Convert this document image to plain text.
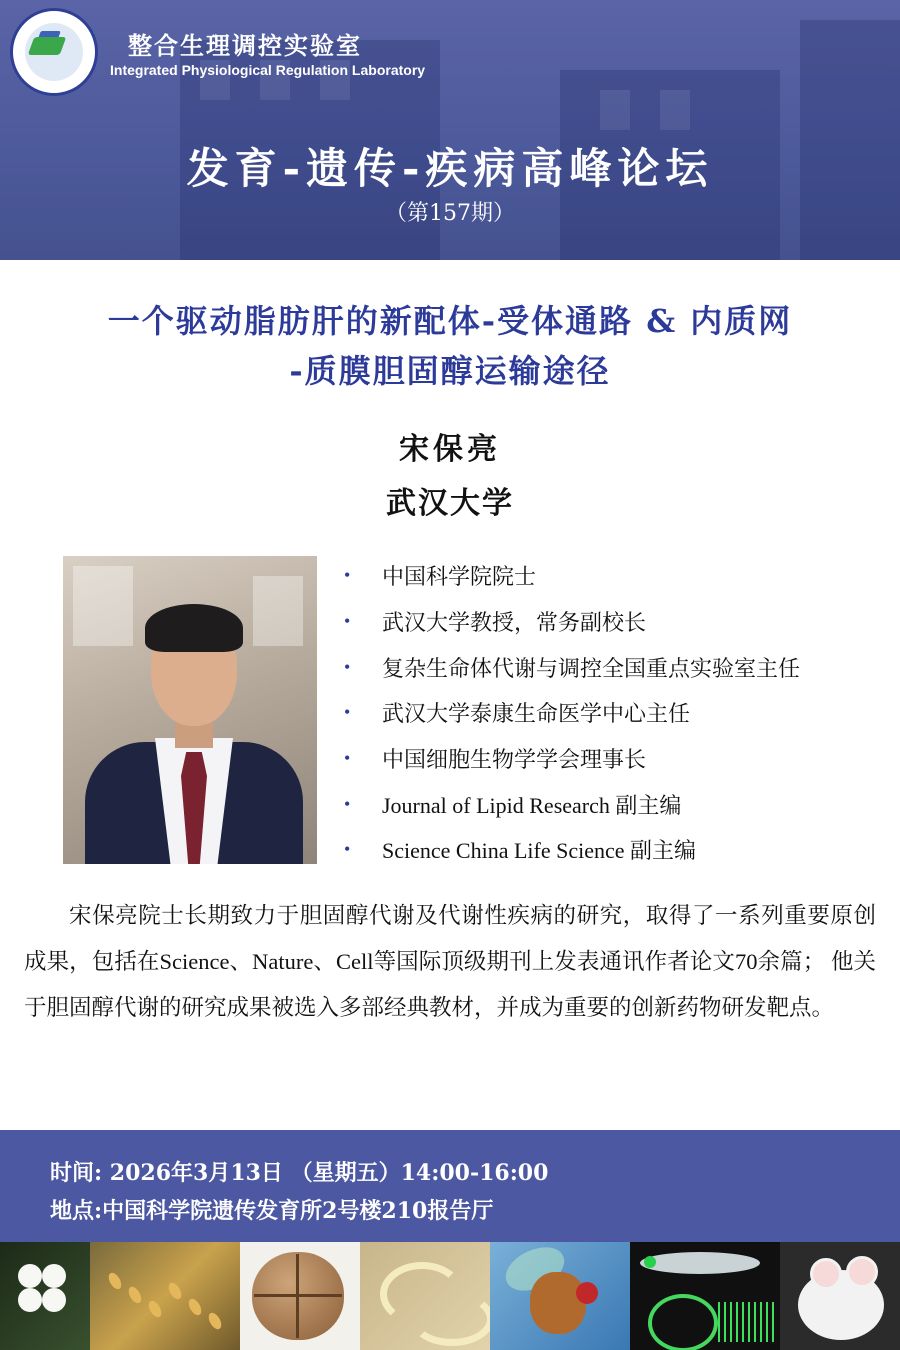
整合生理调控实验室
Integrated Physiological Regulation Laboratory
发育-遗传-疾病高峰论坛
（第157期）
一个驱动脂肪肝的新配体-受体通路 & 内质网
-质膜胆固醇运输途径
宋保亮
武汉大学
•	中国科学院院士
•	武汉大学教授，常务副校长
•	复杂生命体代谢与调控全国重点实验室主任
•	武汉大学泰康生命医学中心主任
•	中国细胞生物学学会理事长
•	Journal of Lipid Research 副主编
•	Science China Life Science 副主编

宋保亮院士长期致力于胆固醇代谢及代谢性疾病的研究，取得了一系列重要原创成果，包括在Science、Nature、Cell等国际顶级期刊上发表通讯作者论文70余篇； 他关于胆固醇代谢的研究成果被选入多部经典教材，并成为重要的创新药物研发靶点。

时间: 2026年3月13日 （星期五）14:00-16:00
地点:中国科学院遗传发育所2号楼210报告厅
